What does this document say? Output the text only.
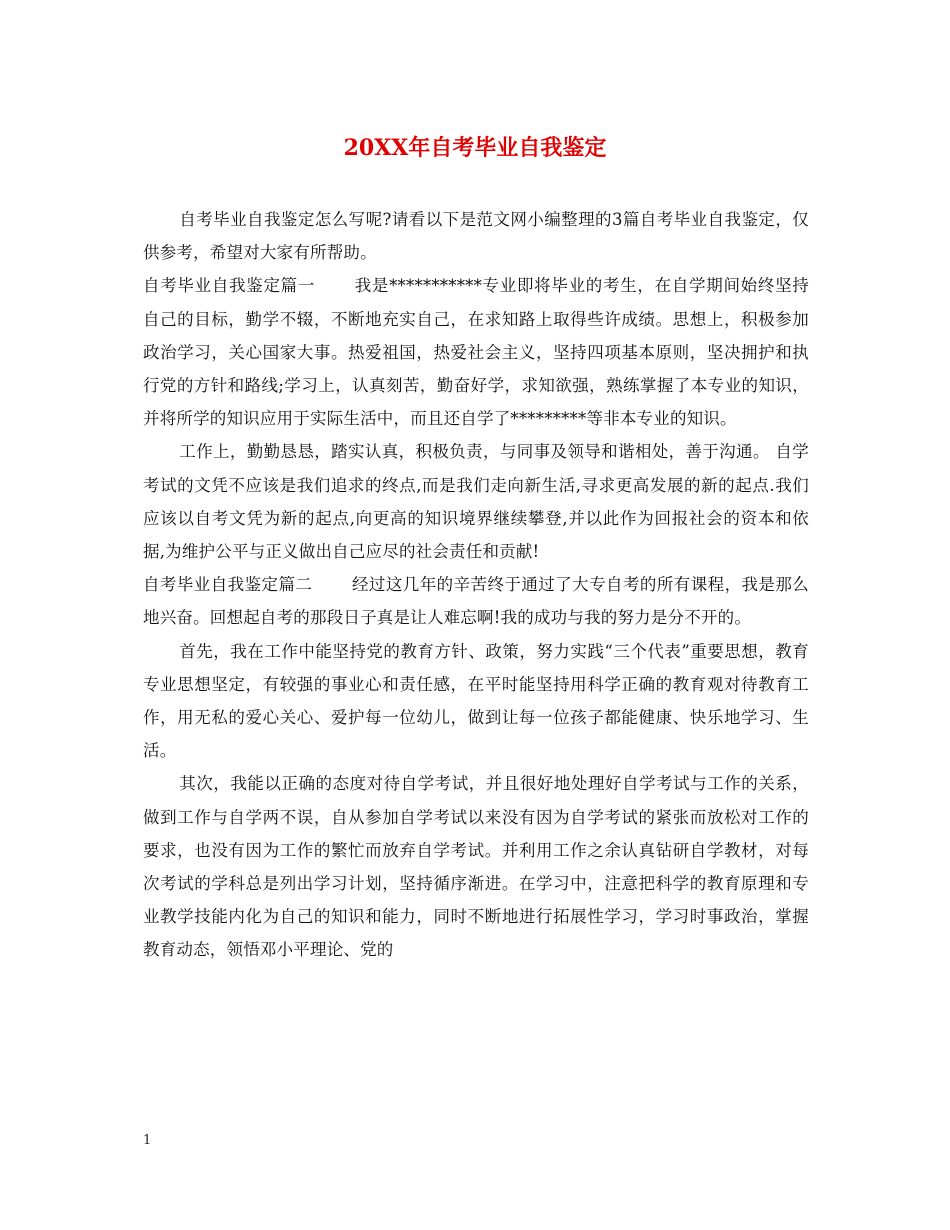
20XX年自考毕业自我鉴定

自考毕业自我鉴定怎么写呢?请看以下是范文网小编整理的3篇自考毕业自我鉴定，仅供参考，希望对大家有所帮助。

自考毕业自我鉴定篇一 我是***********专业即将毕业的考生，在自学期间始终坚持自己的目标，勤学不辍，不断地充实自己，在求知路上取得些许成绩。思想上，积极参加政治学习，关心国家大事。热爱祖国，热爱社会主义，坚持四项基本原则，坚决拥护和执行党的方针和路线;学习上，认真刻苦，勤奋好学，求知欲强，熟练掌握了本专业的知识，并将所学的知识应用于实际生活中，而且还自学了*********等非本专业的知识。

工作上，勤勤恳恳，踏实认真，积极负责，与同事及领导和谐相处，善于沟通。 自学考试的文凭不应该是我们追求的终点,而是我们走向新生活,寻求更高发展的新的起点.我们应该以自考文凭为新的起点,向更高的知识境界继续攀登,并以此作为回报社会的资本和依据,为维护公平与正义做出自己应尽的社会责任和贡献!

自考毕业自我鉴定篇二 经过这几年的辛苦终于通过了大专自考的所有课程，我是那么地兴奋。回想起自考的那段日子真是让人难忘啊!我的成功与我的努力是分不开的。

首先，我在工作中能坚持党的教育方针、政策，努力实践“三个代表”重要思想，教育专业思想坚定，有较强的事业心和责任感，在平时能坚持用科学正确的教育观对待教育工作，用无私的爱心关心、爱护每一位幼儿，做到让每一位孩子都能健康、快乐地学习、生活。

其次，我能以正确的态度对待自学考试，并且很好地处理好自学考试与工作的关系，做到工作与自学两不误，自从参加自学考试以来没有因为自学考试的紧张而放松对工作的要求，也没有因为工作的繁忙而放弃自学考试。并利用工作之余认真钻研自学教材，对每次考试的学科总是列出学习计划，坚持循序渐进。在学习中，注意把科学的教育原理和专业教学技能内化为自己的知识和能力，同时不断地进行拓展性学习，学习时事政治，掌握教育动态，领悟邓小平理论、党的

1
